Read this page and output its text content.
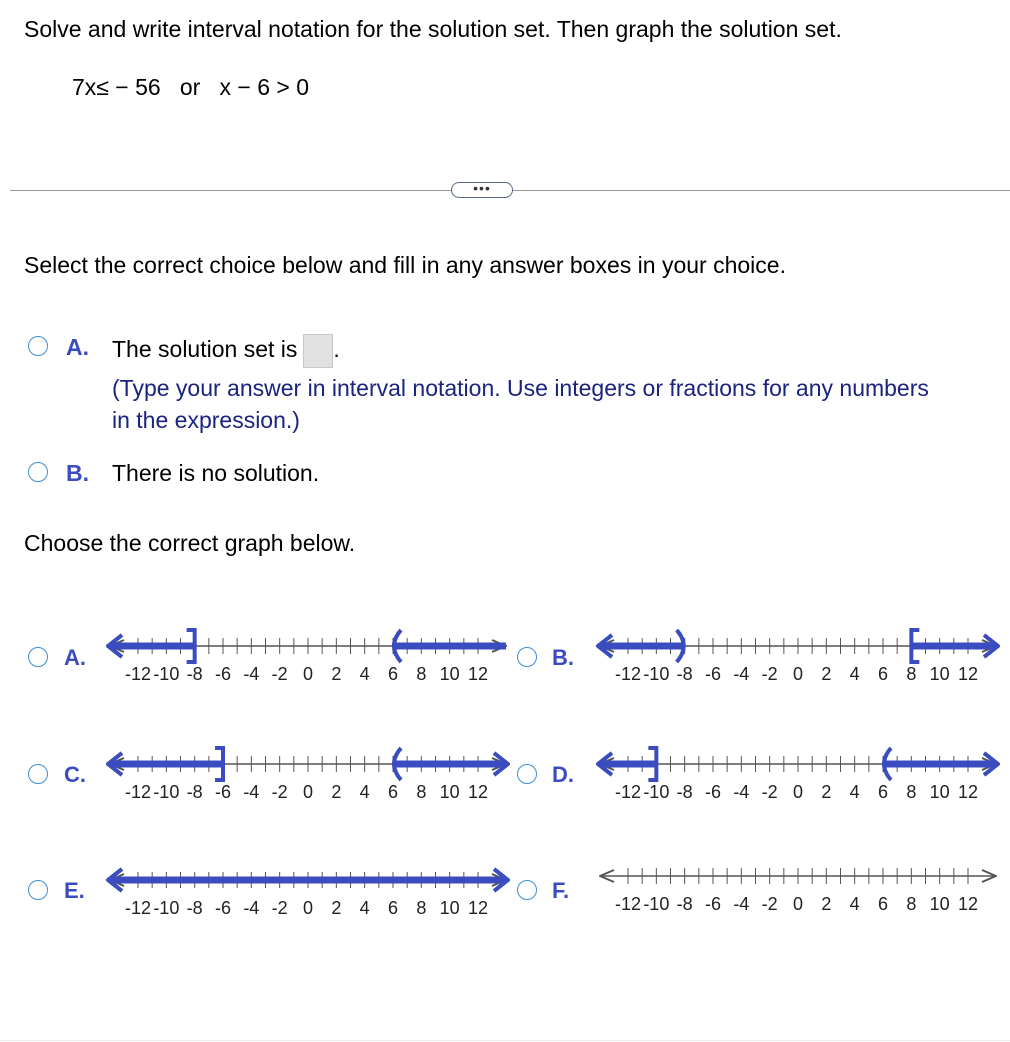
Solve and write interval notation for the solution set. Then graph the solution set.
7x≤ − 56   or   x − 6 > 0
•••
Select the correct choice below and fill in any answer boxes in your choice.
A. The solution set is .
(Type your answer in interval notation. Use integers or fractions for any numbers in the expression.)
B. There is no solution.
Choose the correct graph below.
A.	B.
C.	D.
E.	F.
-12 -10 -8 -6 -4 -2 0 2 4 6 8 10 12	-12 -10 -8 -6 -4 -2 0 2 4 6 8 10 12
-12 -10 -8 -6 -4 -2 0 2 4 6 8 10 12	-12 -10 -8 -6 -4 -2 0 2 4 6 8 10 12
-12 -10 -8 -6 -4 -2 0 2 4 6 8 10 12	-12 -10 -8 -6 -4 -2 0 2 4 6 8 10 12
